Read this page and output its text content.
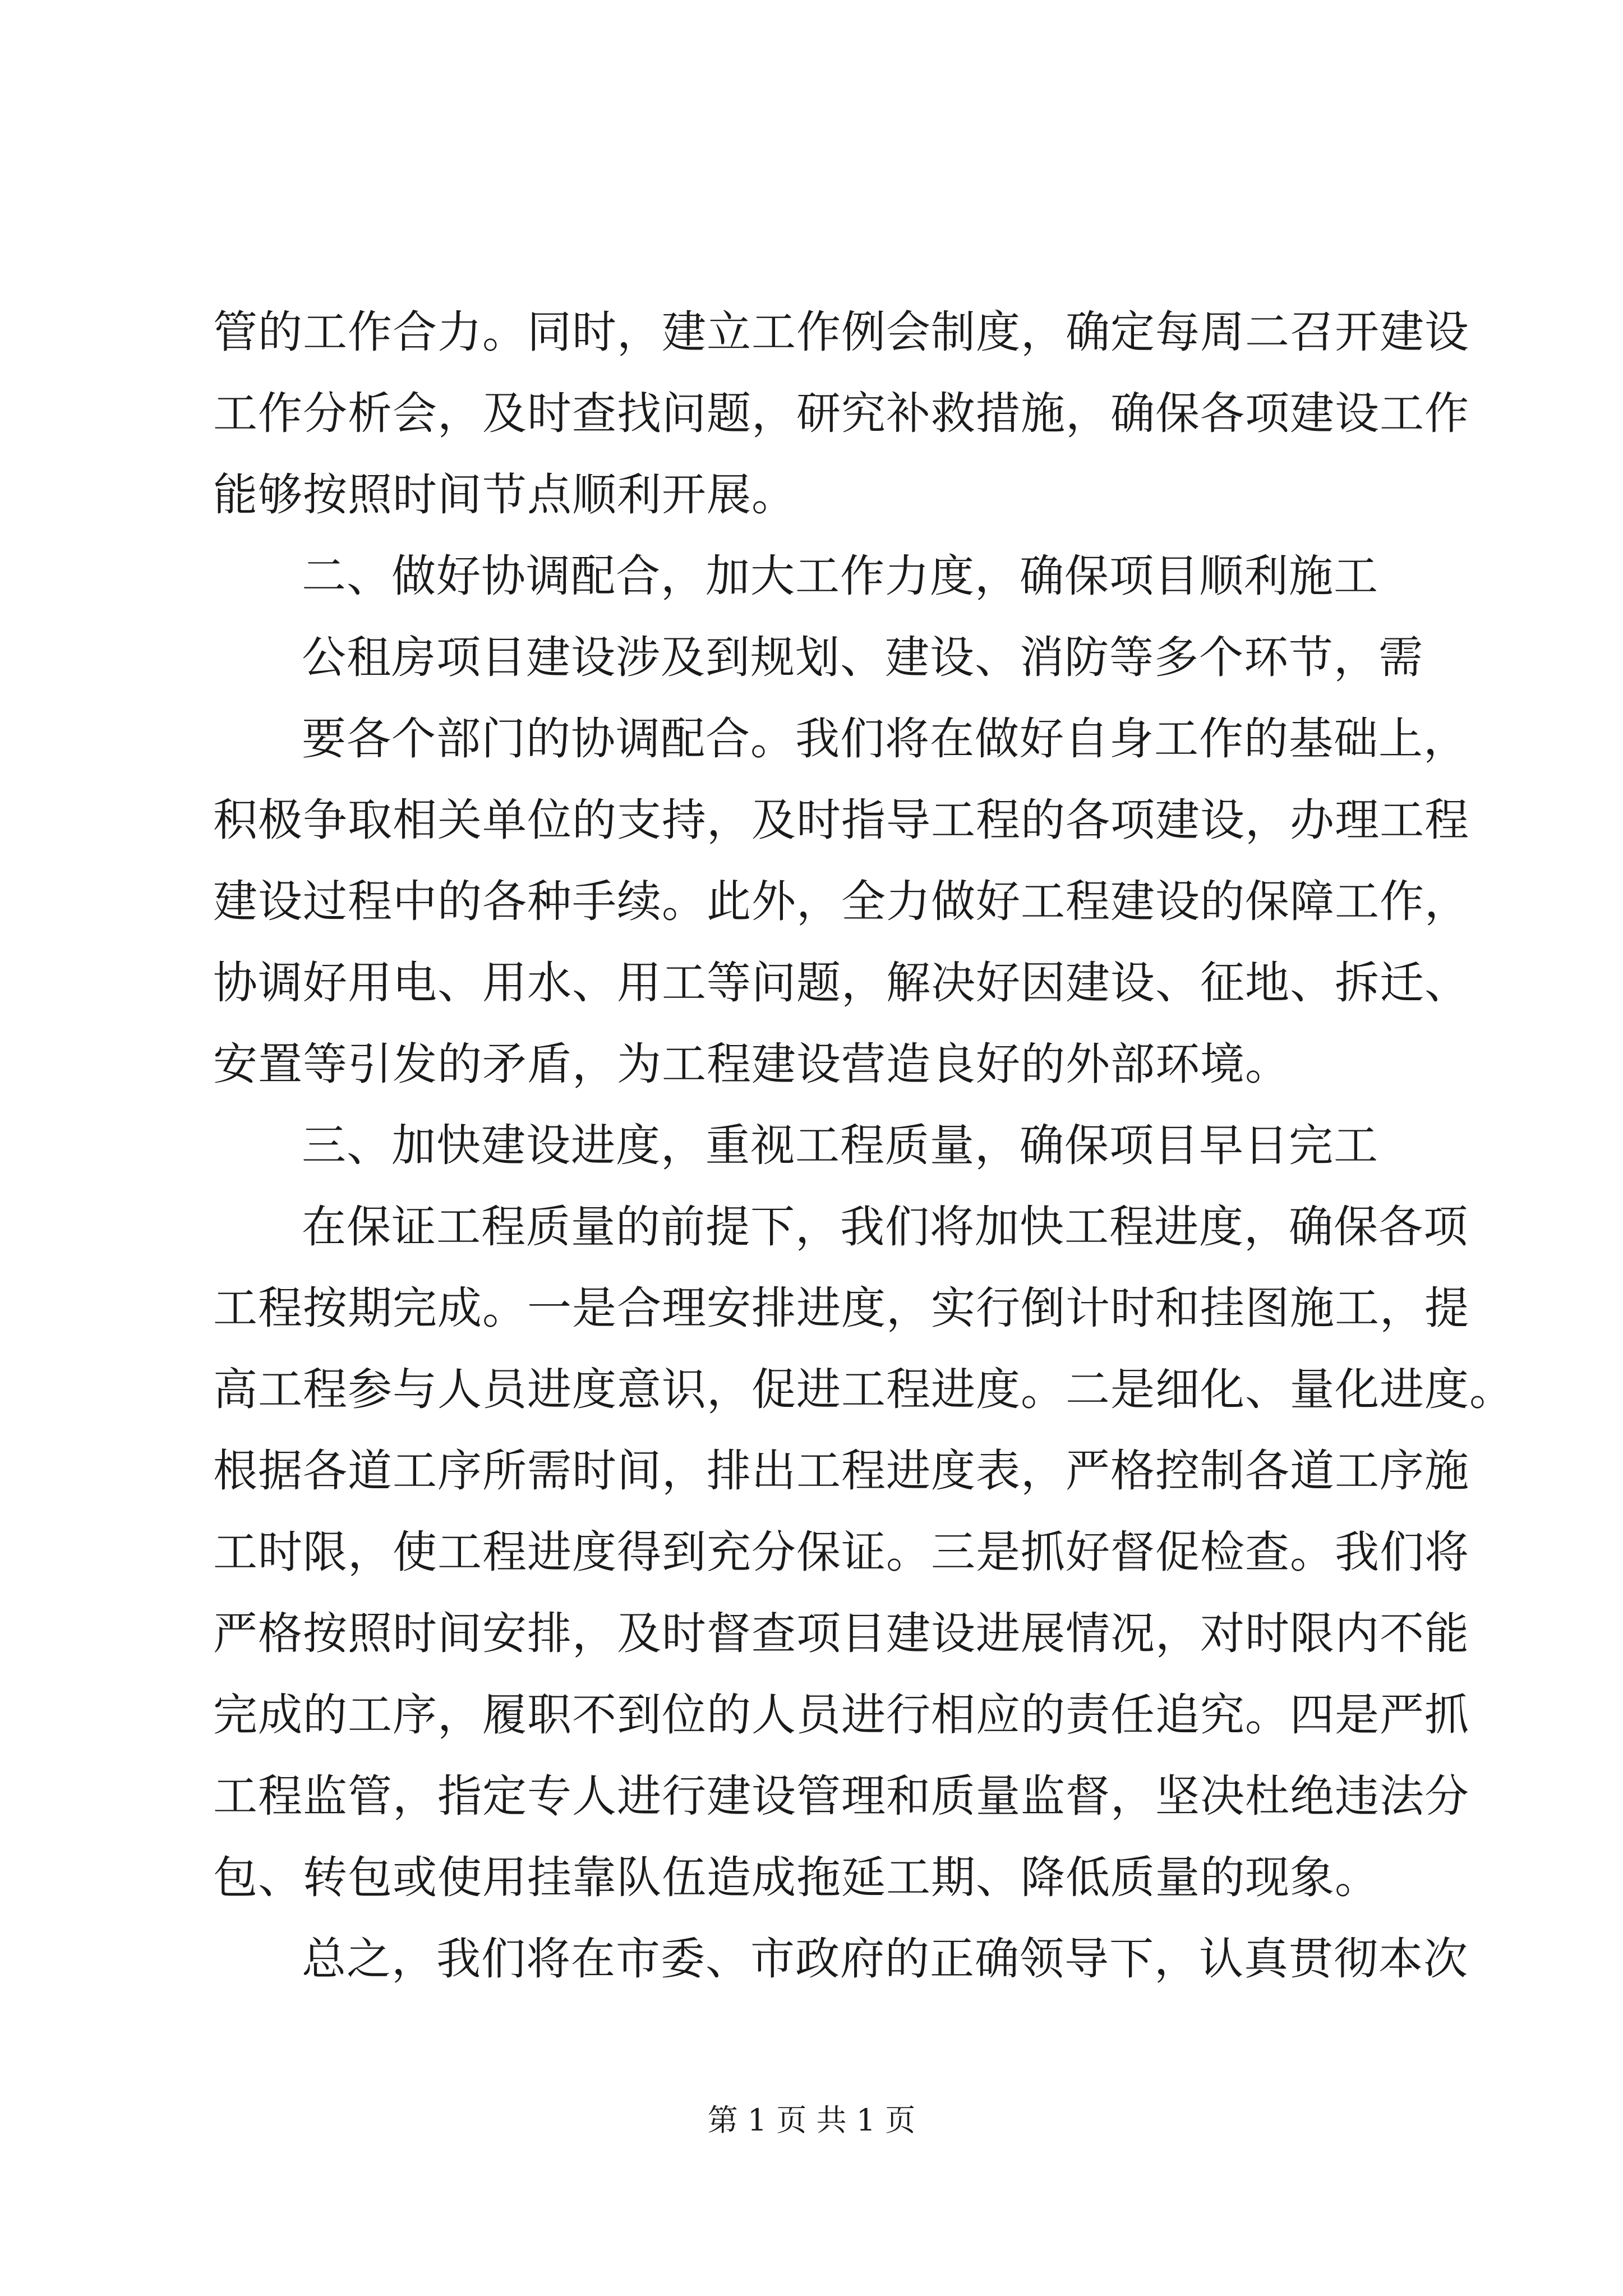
管的工作合力。同时，建立工作例会制度，确定每周二召开建设
工作分析会，及时查找问题，研究补救措施，确保各项建设工作
能够按照时间节点顺利开展。
二、做好协调配合，加大工作力度，确保项目顺利施工
公租房项目建设涉及到规划、建设、消防等多个环节，需
要各个部门的协调配合。我们将在做好自身工作的基础上，
积极争取相关单位的支持，及时指导工程的各项建设，办理工程
建设过程中的各种手续。此外，全力做好工程建设的保障工作，
协调好用电、用水、用工等问题，解决好因建设、征地、拆迁、
安置等引发的矛盾，为工程建设营造良好的外部环境。
三、加快建设进度，重视工程质量，确保项目早日完工
在保证工程质量的前提下，我们将加快工程进度，确保各项
工程按期完成。一是合理安排进度，实行倒计时和挂图施工，提
高工程参与人员进度意识，促进工程进度。二是细化、量化进度。
根据各道工序所需时间，排出工程进度表，严格控制各道工序施
工时限，使工程进度得到充分保证。三是抓好督促检查。我们将
严格按照时间安排，及时督查项目建设进展情况，对时限内不能
完成的工序，履职不到位的人员进行相应的责任追究。四是严抓
工程监管，指定专人进行建设管理和质量监督，坚决杜绝违法分
包、转包或使用挂靠队伍造成拖延工期、降低质量的现象。
总之，我们将在市委、市政府的正确领导下，认真贯彻本次
第 1 页 共 1 页
